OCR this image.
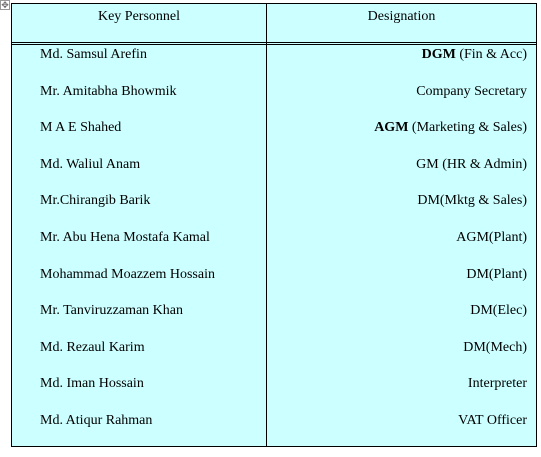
✥
Key Personnel	Designation
Md. Samsul Arefin	DGM (Fin & Acc)
Mr. Amitabha Bhowmik	Company Secretary
M A E Shahed	AGM (Marketing & Sales)
Md. Waliul Anam	GM (HR & Admin)
Mr.Chirangib Barik	DM(Mktg & Sales)
Mr. Abu Hena Mostafa Kamal	AGM(Plant)
Mohammad Moazzem Hossain	DM(Plant)
Mr. Tanviruzzaman Khan	DM(Elec)
Md. Rezaul Karim	DM(Mech)
Md. Iman Hossain	Interpreter
Md. Atiqur Rahman	VAT Officer
